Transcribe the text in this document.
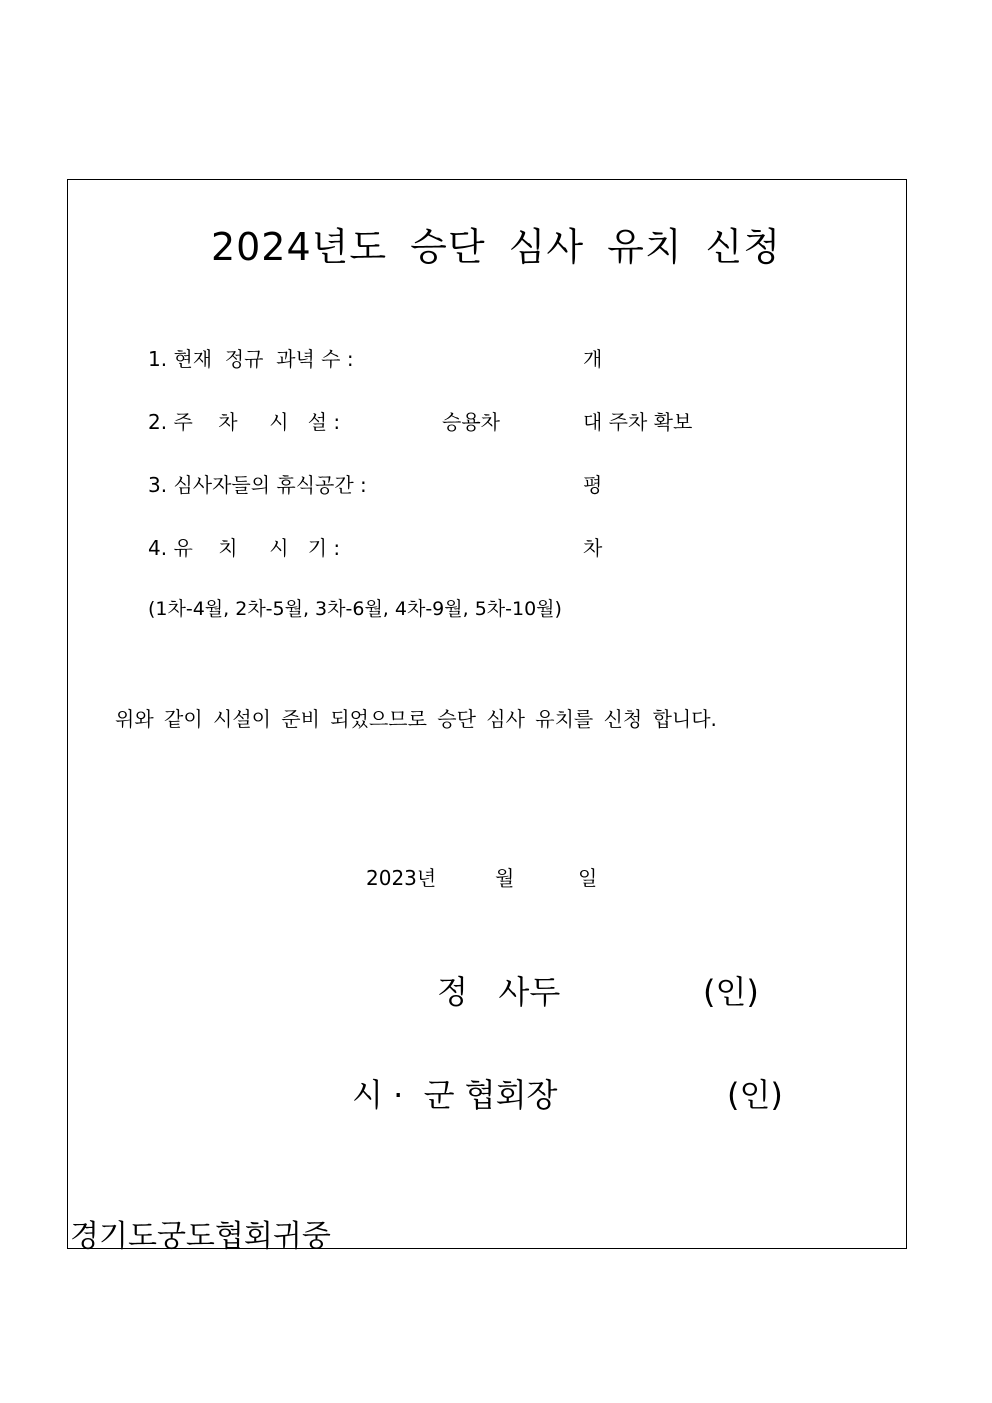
2024년도 승단 심사 유치 신청
1. 현재  정규  과녁 수 :	개
2. 주    차     시   설 :	승용차	대 주차 확보
3. 심사자들의 휴식공간 :	평
4. 유    치     시   기 :	차
(1차-4월, 2차-5월, 3차-6월, 4차-9월, 5차-10월)
위와 같이 시설이 준비 되었으므로 승단 심사 유치를 신청 합니다.
2023년	월	일
정   사두	(인)
시 ·  군 협회장	(인)
경기도궁도협회귀중
